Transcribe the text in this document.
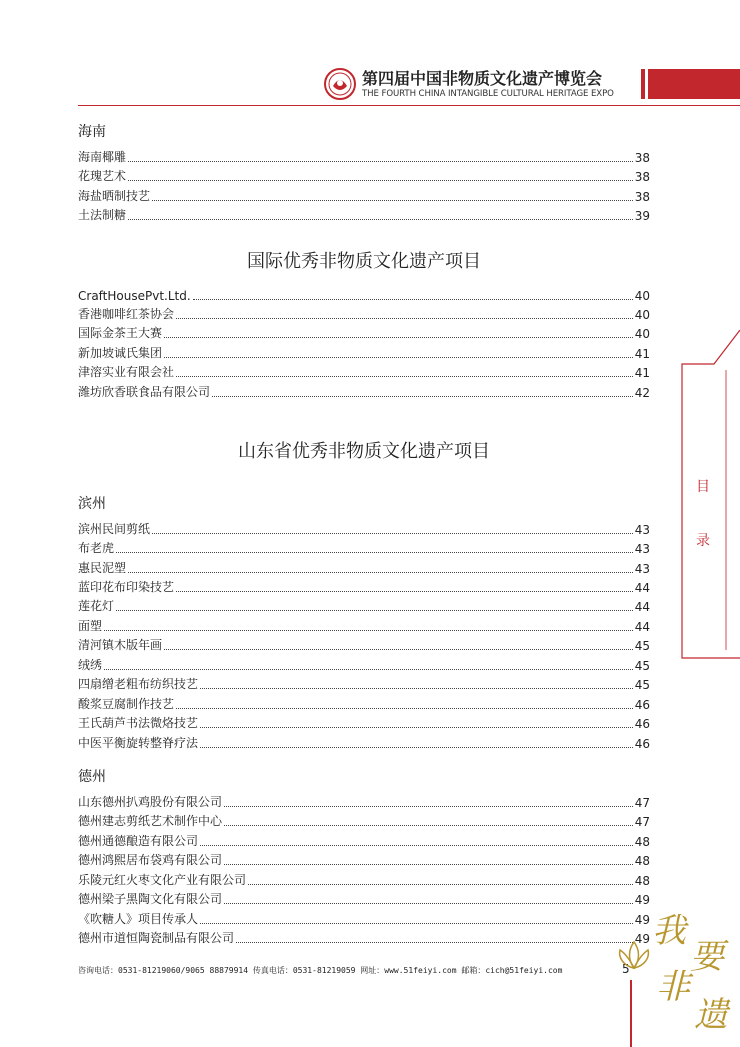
第四届中国非物质文化遗产博览会
THE FOURTH CHINA INTANGIBLE CULTURAL HERITAGE EXPO
海南
海南椰雕	38
花瑰艺术	38
海盐晒制技艺	38
土法制糖	39
国际优秀非物质文化遗产项目
CraftHousePvt.Ltd.	40
香港咖啡红茶协会	40
国际金茶王大赛	40
新加坡诚氏集团	41
津溶实业有限会社	41
潍坊欣香联食品有限公司	42
山东省优秀非物质文化遗产项目
滨州
滨州民间剪纸	43
布老虎	43
惠民泥塑	43
蓝印花布印染技艺	44
莲花灯	44
面塑	44
清河镇木版年画	45
绒绣	45
四扇缯老粗布纺织技艺	45
酸浆豆腐制作技艺	46
王氏葫芦书法微烙技艺	46
中医平衡旋转整脊疗法	46
德州
山东德州扒鸡股份有限公司	47
德州建志剪纸艺术制作中心	47
德州通德酿造有限公司	48
德州鸿熙居布袋鸡有限公司	48
乐陵元红火枣文化产业有限公司	48
德州梁子黑陶文化有限公司	49
《吹糖人》项目传承人	49
德州市道恒陶瓷制品有限公司	49
目
录
咨询电话：0531-81219060/9065 88879914 传真电话：0531-81219059 网址：www.51feiyi.com 邮箱：cich@51feiyi.com	5
我
要
非
遗
